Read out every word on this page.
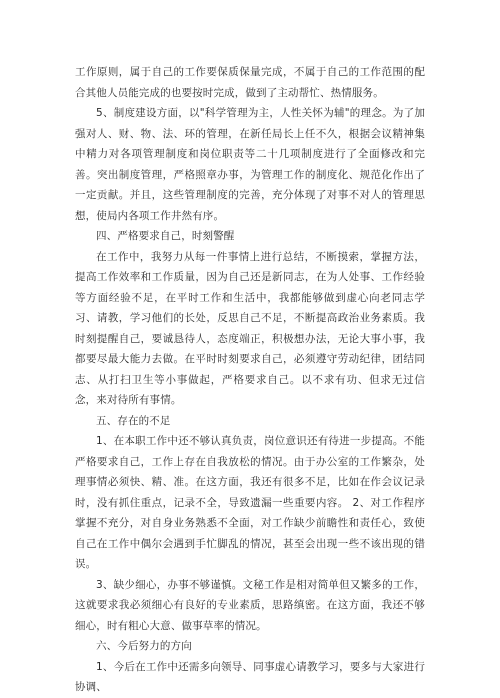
工作原则，属于自己的工作要保质保量完成，不属于自己的工作范围的配合其他人员能完成的也要按时完成，做到了主动帮忙、热情服务。

5、制度建设方面，以"科学管理为主，人性关怀为辅"的理念。为了加强对人、财、物、法、环的管理，在新任局长上任不久，根据会议精神集中精力对各项管理制度和岗位职责等二十几项制度进行了全面修改和完善。突出制度管理，严格照章办事，为管理工作的制度化、规范化作出了一定贡献。并且，这些管理制度的完善，充分体现了对事不对人的管理思想，使局内各项工作井然有序。

四、严格要求自己，时刻警醒

在工作中，我努力从每一件事情上进行总结，不断摸索，掌握方法，提高工作效率和工作质量，因为自己还是新同志，在为人处事、工作经验等方面经验不足，在平时工作和生活中，我都能够做到虚心向老同志学习、请教，学习他们的长处，反思自己不足，不断提高政治业务素质。我时刻提醒自己，要诚恳待人，态度端正，积极想办法，无论大事小事，我都要尽最大能力去做。在平时时刻要求自己，必须遵守劳动纪律，团结同志、从打扫卫生等小事做起，严格要求自己。以不求有功、但求无过信念，来对待所有事情。

五、存在的不足

1、在本职工作中还不够认真负责，岗位意识还有待进一步提高。不能严格要求自己，工作上存在自我放松的情况。由于办公室的工作繁杂，处理事情必须快、精、准。在这方面，我还有很多不足，比如在作会议记录时，没有抓住重点，记录不全，导致遗漏一些重要内容。 2、对工作程序掌握不充分，对自身业务熟悉不全面，对工作缺少前瞻性和责任心，致使自己在工作中偶尔会遇到手忙脚乱的情况，甚至会出现一些不该出现的错误。

3、缺少细心，办事不够谨慎。文秘工作是相对简单但又繁多的工作，这就要求我必须细心有良好的专业素质，思路缜密。在这方面，我还不够细心，时有粗心大意、做事草率的情况。

六、今后努力的方向

1、今后在工作中还需多向领导、同事虚心请教学习，要多与大家进行协调、
